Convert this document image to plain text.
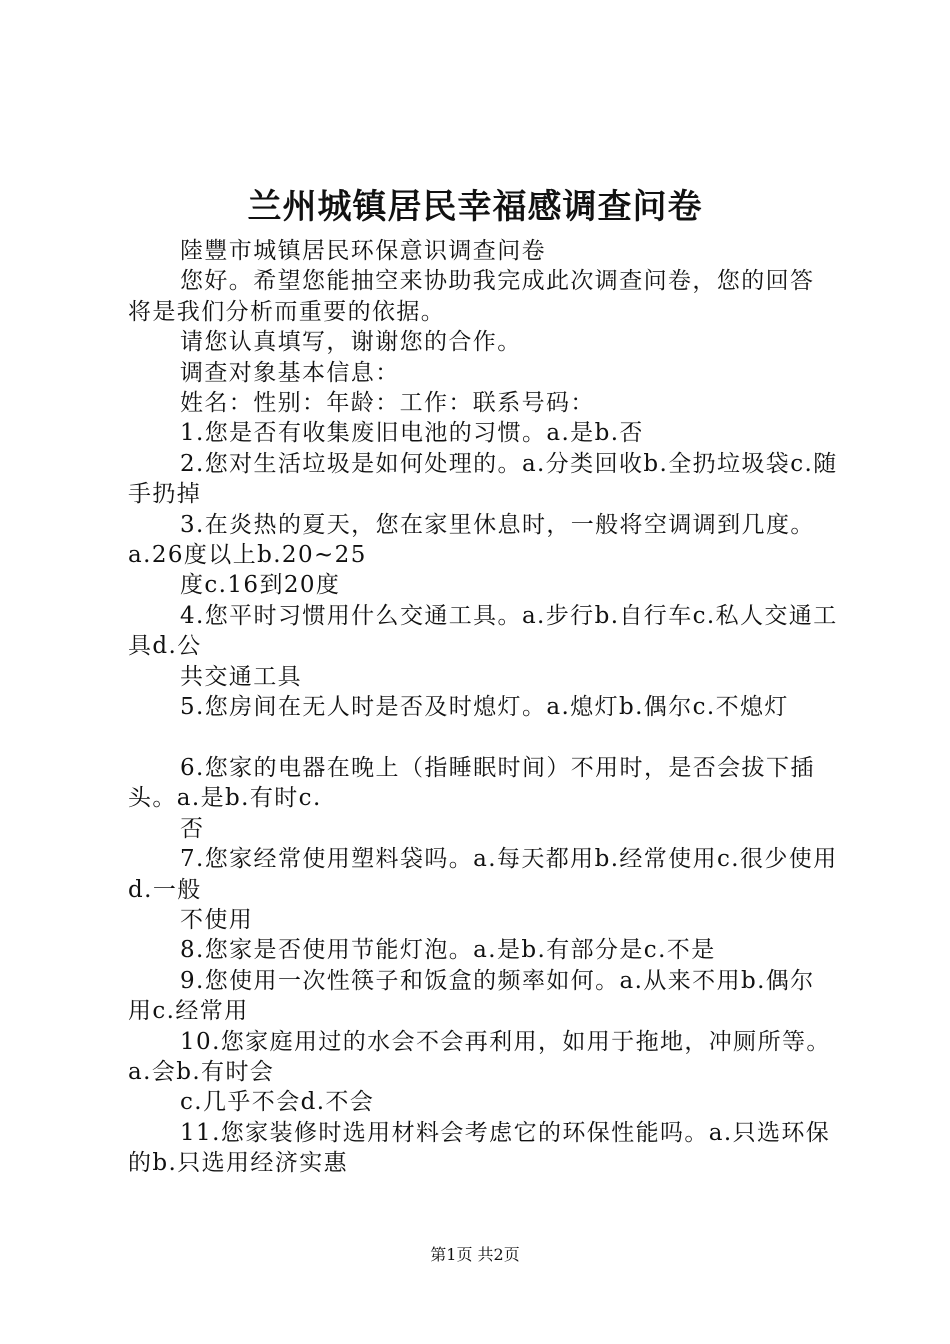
兰州城镇居民幸福感调查问卷

陸豐市城镇居民环保意识调查问卷

您好。希望您能抽空来协助我完成此次调查问卷，您的回答将是我们分析而重要的依据。

请您认真填写，谢谢您的合作。

调查对象基本信息：

姓名：性别：年龄：工作：联系号码：

1.您是否有收集废旧电池的习惯。a.是b.否

2.您对生活垃圾是如何处理的。a.分类回收b.全扔垃圾袋c.随手扔掉

3.在炎热的夏天，您在家里休息时，一般将空调调到几度。a.26度以上b.20~25

度c.16到20度

4.您平时习惯用什么交通工具。a.步行b.自行车c.私人交通工具d.公

共交通工具

5.您房间在无人时是否及时熄灯。a.熄灯b.偶尔c.不熄灯

6.您家的电器在晚上（指睡眠时间）不用时，是否会拔下插头。a.是b.有时c.

否

7.您家经常使用塑料袋吗。a.每天都用b.经常使用c.很少使用d.一般

不使用

8.您家是否使用节能灯泡。a.是b.有部分是c.不是

9.您使用一次性筷子和饭盒的频率如何。a.从来不用b.偶尔用c.经常用

10.您家庭用过的水会不会再利用，如用于拖地，冲厕所等。a.会b.有时会

c.几乎不会d.不会

11.您家装修时选用材料会考虑它的环保性能吗。a.只选环保的b.只选用经济实惠

第1页 共2页
